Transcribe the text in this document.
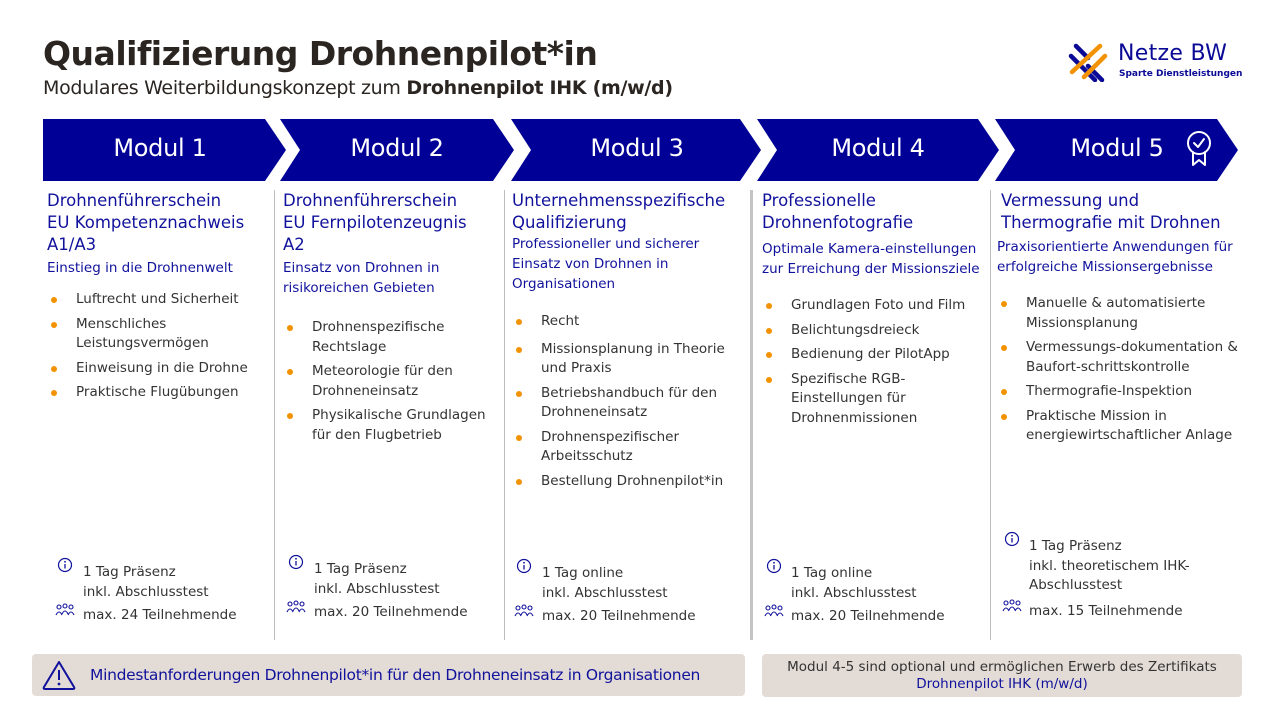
Qualifizierung Drohnenpilot*in
Modulares Weiterbildungskonzept zum Drohnenpilot IHK (m/w/d)
Netze BW
Sparte Dienstleistungen
Modul 1	Modul 2	Modul 3	Modul 4	Modul 5
Drohnenführerschein
EU Kompetenznachweis
A1/A3
Einstieg in die Drohnenwelt
Luftrecht und Sicherheit
Menschliches Leistungsvermögen
Einweisung in die Drohne
Praktische Flugübungen
1 Tag Präsenz
inkl. Abschlusstest
max. 24 Teilnehmende
Drohnenführerschein
EU Fernpilotenzeugnis
A2
Einsatz von Drohnen in risikoreichen Gebieten
Drohnenspezifische Rechtslage
Meteorologie für den Drohneneinsatz
Physikalische Grundlagen für den Flugbetrieb
1 Tag Präsenz
inkl. Abschlusstest
max. 20 Teilnehmende
Unternehmensspezifische
Qualifizierung
Professioneller und sicherer Einsatz von Drohnen in Organisationen
Recht
Missionsplanung in Theorie und Praxis
Betriebshandbuch für den Drohneneinsatz
Drohnenspezifischer Arbeitsschutz
Bestellung Drohnenpilot*in
1 Tag online
inkl. Abschlusstest
max. 20 Teilnehmende
Professionelle
Drohnenfotografie
Optimale Kamera-einstellungen zur Erreichung der Missionsziele
Grundlagen Foto und Film
Belichtungsdreieck
Bedienung der PilotApp
Spezifische RGB-Einstellungen für Drohnenmissionen
1 Tag online
inkl. Abschlusstest
max. 20 Teilnehmende
Vermessung und
Thermografie mit Drohnen
Praxisorientierte Anwendungen für erfolgreiche Missionsergebnisse
Manuelle & automatisierte Missionsplanung
Vermessungs-dokumentation & Baufort-schrittskontrolle
Thermografie-Inspektion
Praktische Mission in energiewirtschaftlicher Anlage
1 Tag Präsenz
inkl. theoretischem IHK-Abschlusstest
max. 15 Teilnehmende
Mindestanforderungen Drohnenpilot*in für den Drohneneinsatz in Organisationen	Modul 4-5 sind optional und ermöglichen Erwerb des Zertifikats
Drohnenpilot IHK (m/w/d)
